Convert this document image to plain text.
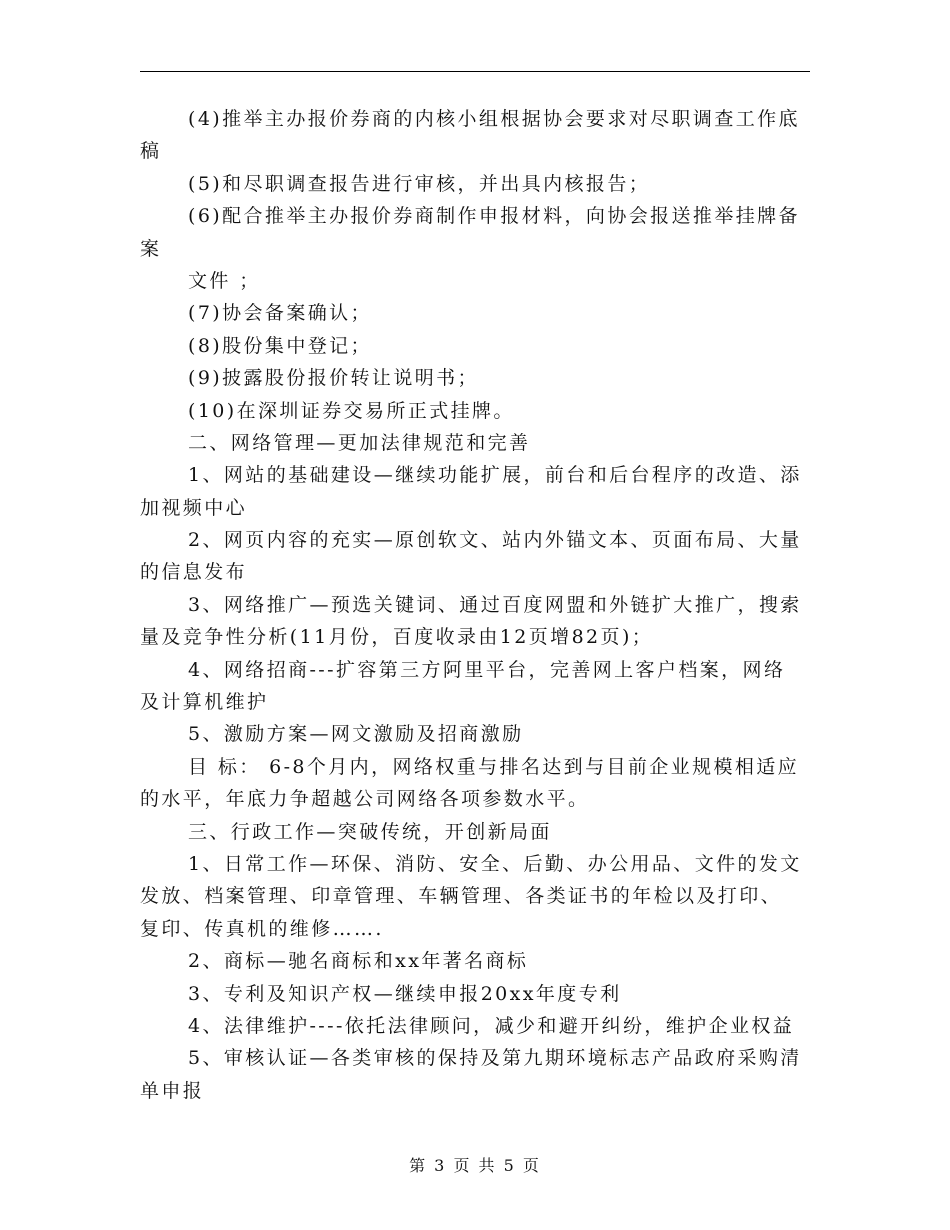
(4)推举主办报价券商的内核小组根据协会要求对尽职调查工作底
稿
(5)和尽职调查报告进行审核，并出具内核报告；
(6)配合推举主办报价券商制作申报材料，向协会报送推举挂牌备
案
文件 ；
(7)协会备案确认；
(8)股份集中登记；
(9)披露股份报价转让说明书；
(10)在深圳证券交易所正式挂牌。
二、网络管理—更加法律规范和完善
1、网站的基础建设—继续功能扩展，前台和后台程序的改造、添
加视频中心
2、网页内容的充实—原创软文、站内外锚文本、页面布局、大量
的信息发布
3、网络推广—预选关键词、通过百度网盟和外链扩大推广，搜索
量及竞争性分析(11月份，百度收录由12页增82页)；
4、网络招商---扩容第三方阿里平台，完善网上客户档案，网络
及计算机维护
5、激励方案—网文激励及招商激励
目 标： 6-8个月内，网络权重与排名达到与目前企业规模相适应
的水平，年底力争超越公司网络各项参数水平。
三、行政工作—突破传统，开创新局面
1、日常工作—环保、消防、安全、后勤、办公用品、文件的发文
发放、档案管理、印章管理、车辆管理、各类证书的年检以及打印、
复印、传真机的维修…….
2、商标—驰名商标和xx年著名商标
3、专利及知识产权—继续申报20xx年度专利
4、法律维护----依托法律顾问，减少和避开纠纷，维护企业权益
5、审核认证—各类审核的保持及第九期环境标志产品政府采购清
单申报
第 3 页 共 5 页
